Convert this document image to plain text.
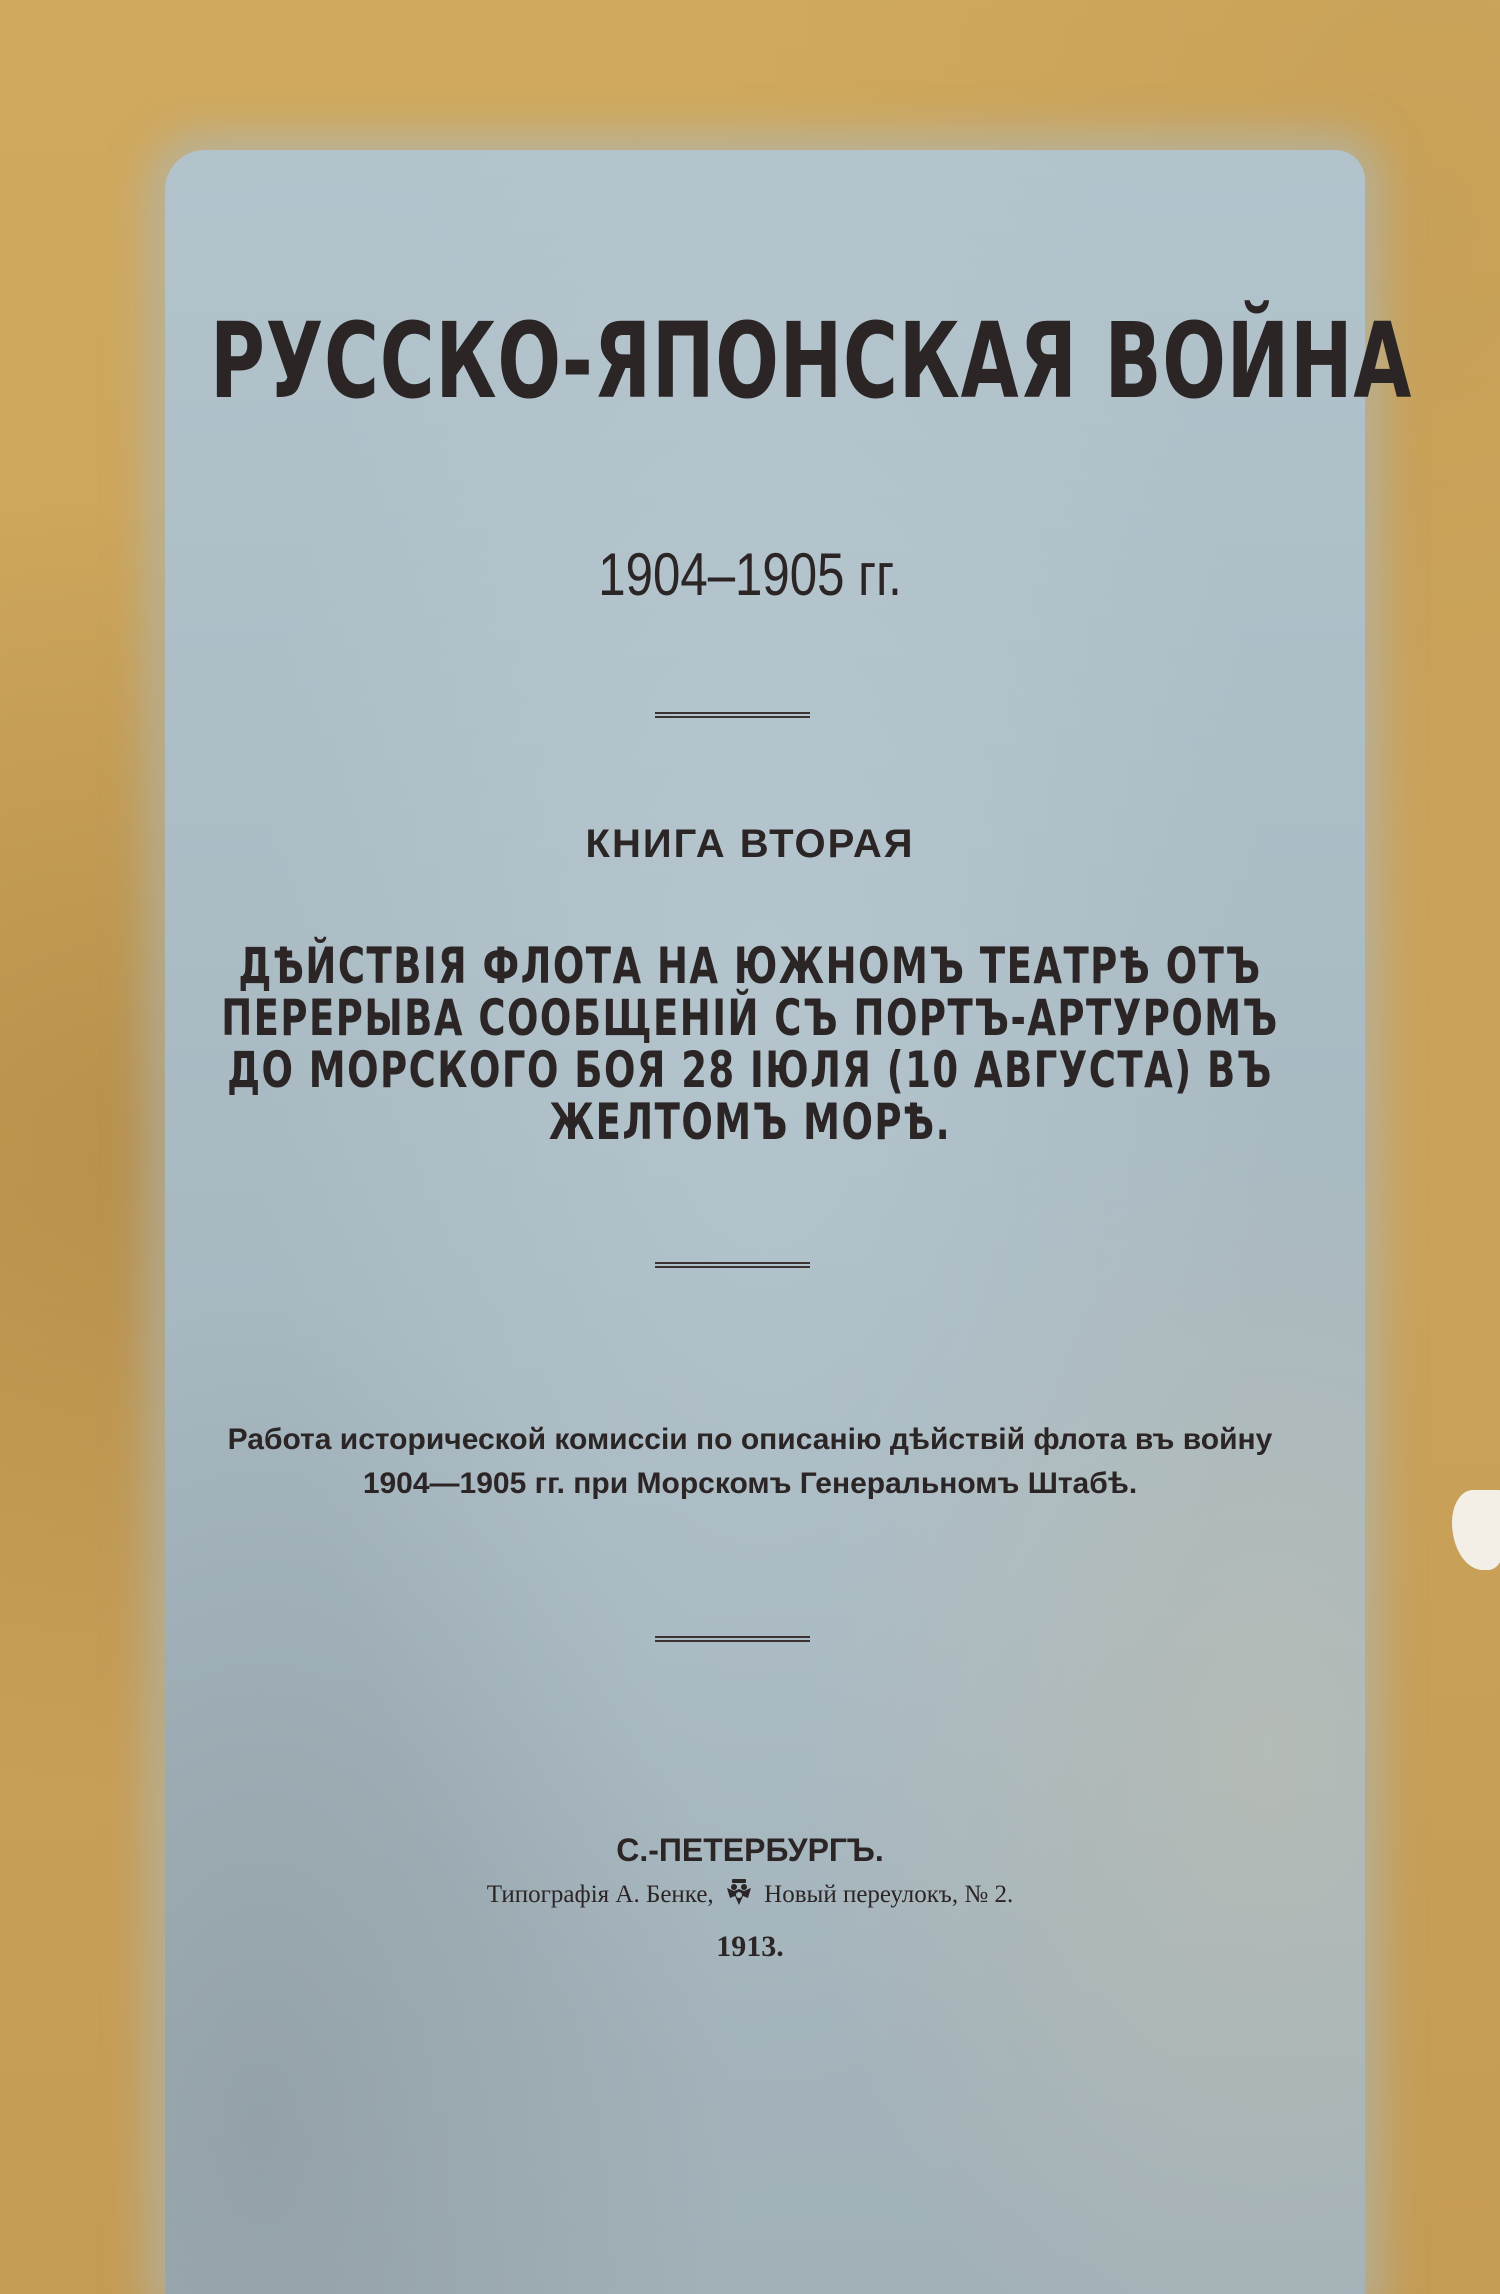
РУССКО-ЯПОНСКАЯ ВОЙНА
1904–1905 гг.
КНИГА ВТОРАЯ
ДѢЙСТВІЯ ФЛОТА НА ЮЖНОМЪ ТЕАТРѢ ОТЪ
ПЕРЕРЫВА СООБЩЕНІЙ СЪ ПОРТЪ-АРТУРОМЪ
ДО МОРСКОГО БОЯ 28 ІЮЛЯ (10 АВГУСТА) ВЪ
ЖЕЛТОМЪ МОРѢ.
Работа исторической комиссіи по описанію дѣйствій флота въ войну
1904—1905 гг. при Морскомъ Генеральномъ Штабѣ.
С.-ПЕТЕРБУРГЪ.
Типографія А. Бенке, Новый переулокъ, № 2.
1913.
